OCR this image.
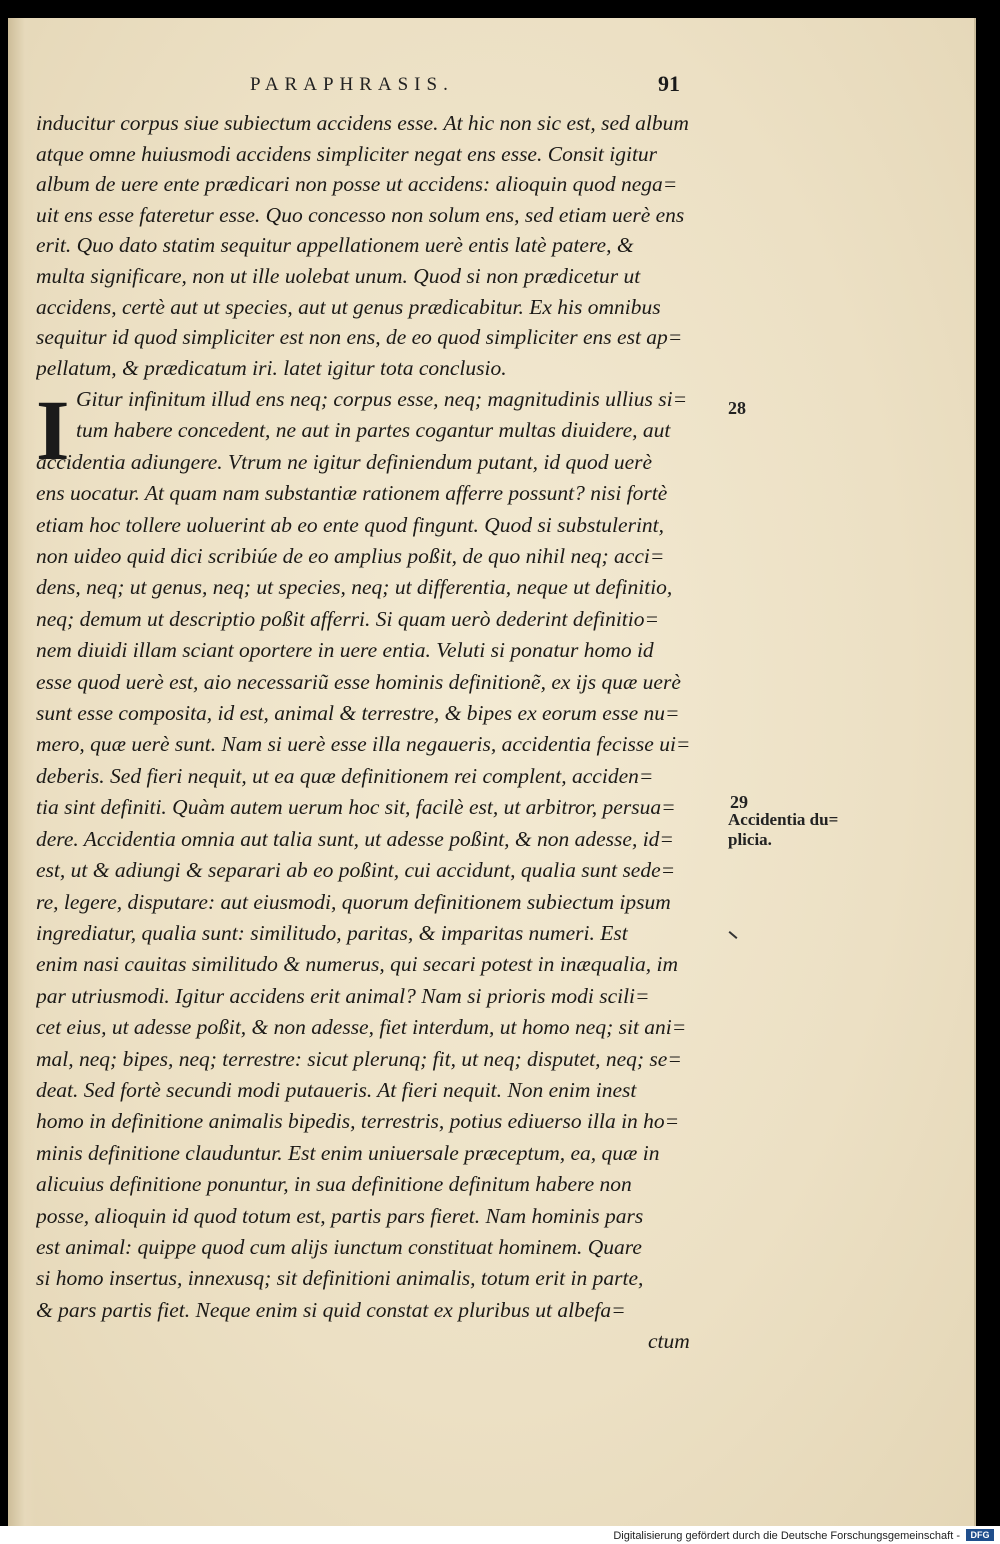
PARAPHRASIS.	91
inducitur corpus siue subiectum accidens esse. At hic non sic est, sed album
atque omne huiusmodi accidens simpliciter negat ens esse. Consit igitur
album de uere ente prædicari non posse ut accidens: alioquin quod nega=
uit ens esse fateretur esse. Quo concesso non solum ens, sed etiam uerè ens
erit. Quo dato statim sequitur appellationem uerè entis latè patere, &
multa significare, non ut ille uolebat unum. Quod si non prædicetur ut
accidens, certè aut ut species, aut ut genus prædicabitur. Ex his omnibus
sequitur id quod simpliciter est non ens, de eo quod simpliciter ens est ap=
pellatum, & prædicatum iri. latet igitur tota conclusio.
I Gitur infinitum illud ens neq; corpus esse, neq; magnitudinis ullius si=
tum habere concedent, ne aut in partes cogantur multas diuidere, aut
accidentia adiungere. Vtrum ne igitur definiendum putant, id quod uerè
ens uocatur. At quam nam substantiæ rationem afferre possunt? nisi fortè
etiam hoc tollere uoluerint ab eo ente quod fingunt. Quod si substulerint,
non uideo quid dici scribiúe de eo amplius poßit, de quo nihil neq; acci=
dens, neq; ut genus, neq; ut species, neq; ut differentia, neque ut definitio,
neq; demum ut descriptio poßit afferri. Si quam uerò dederint definitio=
nem diuidi illam sciant oportere in uere entia. Veluti si ponatur homo id
esse quod uerè est, aio necessariũ esse hominis definitionẽ, ex ijs quæ uerè
sunt esse composita, id est, animal & terrestre, & bipes ex eorum esse nu=
mero, quæ uerè sunt. Nam si uerè esse illa negaueris, accidentia fecisse ui=
deberis. Sed fieri nequit, ut ea quæ definitionem rei complent, acciden=
tia sint definiti. Quàm autem uerum hoc sit, facilè est, ut arbitror, persua=
dere. Accidentia omnia aut talia sunt, ut adesse poßint, & non adesse, id=
est, ut & adiungi & separari ab eo poßint, cui accidunt, qualia sunt sede=
re, legere, disputare: aut eiusmodi, quorum definitionem subiectum ipsum
ingrediatur, qualia sunt: similitudo, paritas, & imparitas numeri. Est
enim nasi cauitas similitudo & numerus, qui secari potest in inæqualia, im
par utriusmodi. Igitur accidens erit animal? Nam si prioris modi scili=
cet eius, ut adesse poßit, & non adesse, fiet interdum, ut homo neq; sit ani=
mal, neq; bipes, neq; terrestre: sicut plerunq; fit, ut neq; disputet, neq; se=
deat. Sed fortè secundi modi putaueris. At fieri nequit. Non enim inest
homo in definitione animalis bipedis, terrestris, potius ediuerso illa in ho=
minis definitione clauduntur. Est enim uniuersale præceptum, ea, quæ in
alicuius definitione ponuntur, in sua definitione definitum habere non
posse, alioquin id quod totum est, partis pars fieret. Nam hominis pars
est animal: quippe quod cum alijs iunctum constituat hominem. Quare
si homo insertus, innexusq; sit definitioni animalis, totum erit in parte,
& pars partis fiet. Neque enim si quid constat ex pluribus ut albefa=
ctum
28
29
Accidentia du=
plicia.
Digitalisierung gefördert durch die Deutsche Forschungsgemeinschaft -	DFG
